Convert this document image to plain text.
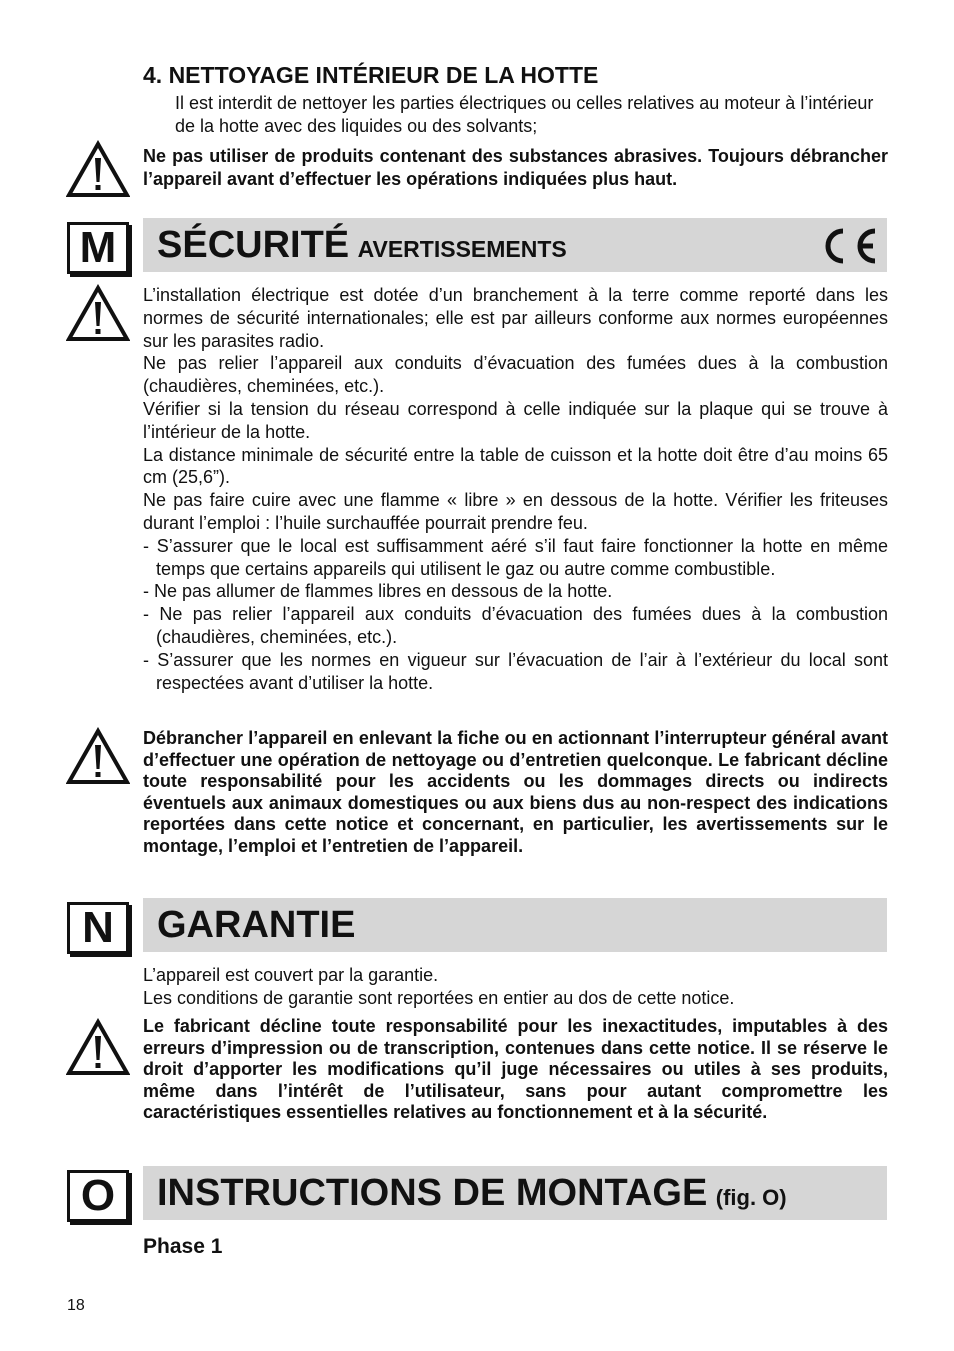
4. NETTOYAGE INTÉRIEUR DE LA HOTTE
Il est interdit de nettoyer les parties électriques ou celles relatives au moteur à l’intérieur de la hotte avec des liquides ou des solvants;
Ne pas utiliser de produits contenant des substances abrasives. Toujours débrancher l’appareil avant d’effectuer les opérations indiquées plus haut.
M	SÉCURITÉ AVERTISSEMENTS

L’installation électrique est dotée d’un branchement à la terre comme reporté dans les normes de sécurité internationales; elle est par ailleurs conforme aux normes européennes sur les parasites radio.

Ne pas relier l’appareil aux conduits d’évacuation des fumées dues à la combustion (chaudières, cheminées, etc.).

Vérifier si la tension du réseau correspond à celle indiquée sur la plaque qui se trouve à l’intérieur de la hotte.

La distance minimale de sécurité entre la table de cuisson et la hotte doit être d’au moins 65 cm (25,6”).

Ne pas faire cuire avec une flamme « libre » en dessous de la hotte. Vérifier les friteuses durant l’emploi : l’huile surchauffée pourrait prendre feu.

- S’assurer que le local est suffisamment aéré s’il faut faire fonctionner la hotte en même temps que certains appareils qui utilisent le gaz ou autre comme combustible.

- Ne pas allumer de flammes libres en dessous de la hotte.

- Ne pas relier l’appareil aux conduits d’évacuation des fumées dues à la combustion (chaudières, cheminées, etc.).

- S’assurer que les normes en vigueur sur l’évacuation de l’air à l’extérieur du local sont respectées avant d’utiliser la hotte.

Débrancher l’appareil en enlevant la fiche ou en actionnant l’interrupteur général avant d’effectuer une opération de nettoyage ou d’entretien quelconque. Le fabricant décline toute responsabilité pour les accidents ou les dommages directs ou indirects éventuels aux animaux domestiques ou aux biens dus au non-respect des indications reportées dans cette notice et concernant, en particulier, les avertissements sur le montage, l’emploi et l’entretien de l’appareil.
N	GARANTIE

L’appareil est couvert par la garantie.

Les conditions de garantie sont reportées en entier au dos de cette notice.

Le fabricant décline toute responsabilité pour les inexactitudes, imputables à des erreurs d’impression ou de transcription, contenues dans cette notice. Il se réserve le droit d’apporter les modifications qu’il juge nécessaires ou utiles à ses produits, même dans l’intérêt de l’utilisateur, sans pour autant compromettre les caractéristiques essentielles relatives au fonctionnement et à la sécurité.
O	INSTRUCTIONS DE MONTAGE (fig. O)
Phase 1
18
